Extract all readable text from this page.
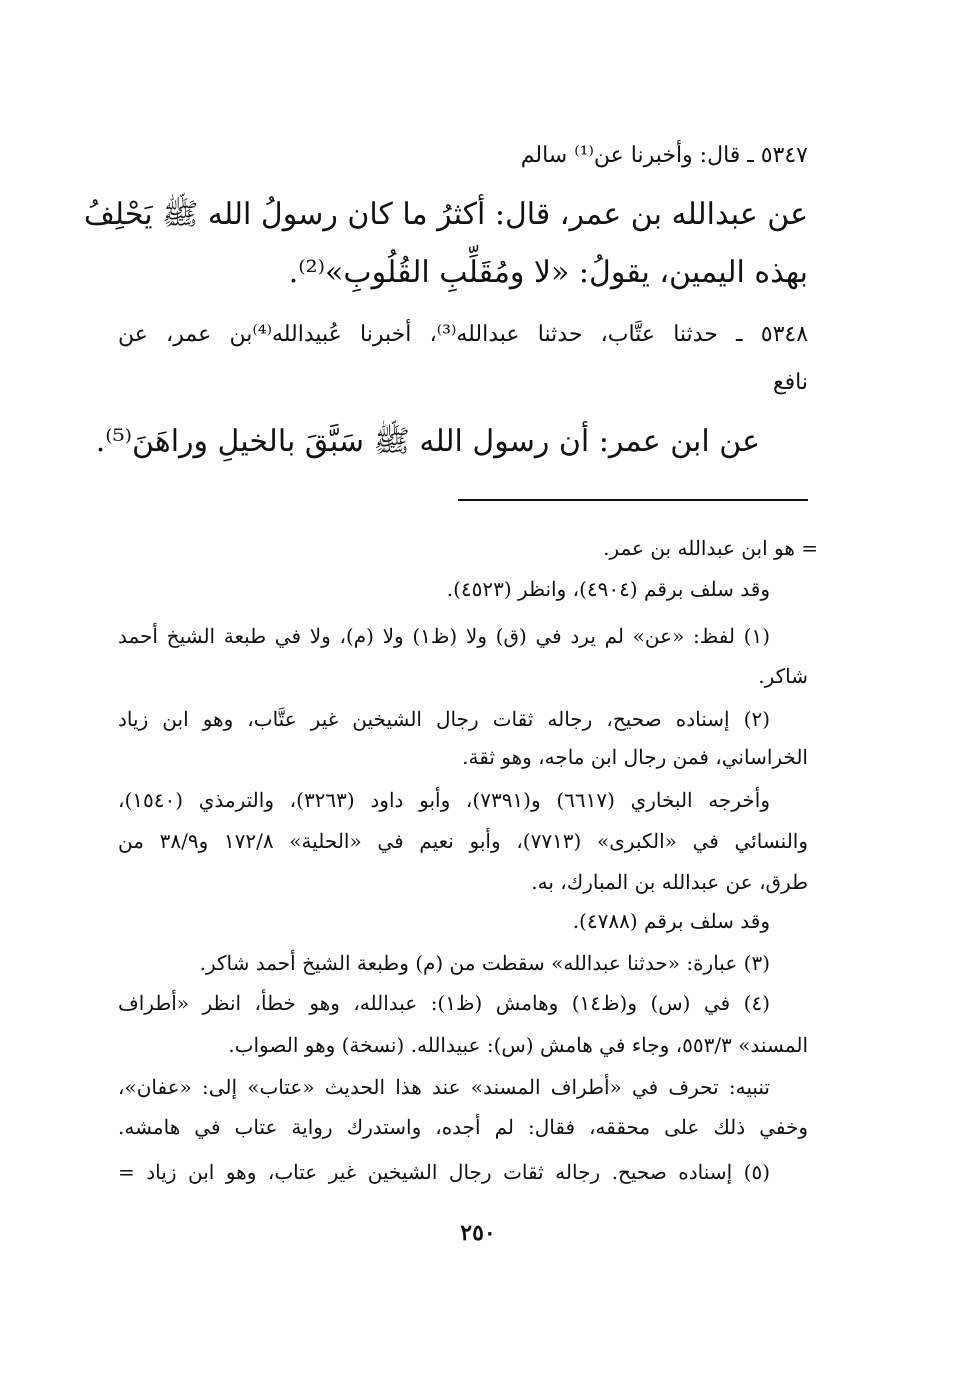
٥٣٤٧ ـ قال: وأخبرنا عن⁽¹⁾ سالم
عن عبدالله بن عمر، قال: أكثرُ ما كان رسولُ الله ﷺ يَحْلِفُ
بهذه اليمين، يقولُ: «لا ومُقَلِّبِ القُلُوبِ»⁽²⁾.
٥٣٤٨ ـ حدثنا عتَّاب، حدثنا عبدالله⁽³⁾، أخبرنا عُبيدالله⁽⁴⁾بن عمر، عن
نافع
عن ابن عمر: أن رسول الله ﷺ سَبَّقَ بالخيلِ وراهَنَ⁽⁵⁾.
= هو ابن عبدالله بن عمر.
وقد سلف برقم (٤٩٠٤)، وانظر (٤٥٢٣).
(١) لفظ: «عن» لم يرد في (ق) ولا (ظ١) ولا (م)، ولا في طبعة الشيخ أحمد
شاكر.
(٢) إسناده صحيح، رجاله ثقات رجال الشيخين غير عتَّاب، وهو ابن زياد
الخراساني، فمن رجال ابن ماجه، وهو ثقة.
وأخرجه البخاري (٦٦١٧) و(٧٣٩١)، وأبو داود (٣٢٦٣)، والترمذي (١٥٤٠)،
والنسائي في «الكبرى» (٧٧١٣)، وأبو نعيم في «الحلية» ١٧٢/٨ و٣٨/٩ من
طرق، عن عبدالله بن المبارك، به.
وقد سلف برقم (٤٧٨٨).
(٣) عبارة: «حدثنا عبدالله» سقطت من (م) وطبعة الشيخ أحمد شاكر.
(٤) في (س) و(ظ١٤) وهامش (ظ١): عبدالله، وهو خطأ، انظر «أطراف
المسند» ٥٥٣/٣، وجاء في هامش (س): عبيدالله. (نسخة) وهو الصواب.
تنبيه: تحرف في «أطراف المسند» عند هذا الحديث «عتاب» إلى: «عفان»،
وخفي ذلك على محققه، فقال: لم أجده، واستدرك رواية عتاب في هامشه.
(٥) إسناده صحيح. رجاله ثقات رجال الشيخين غير عتاب، وهو ابن زياد =
٢٥٠
